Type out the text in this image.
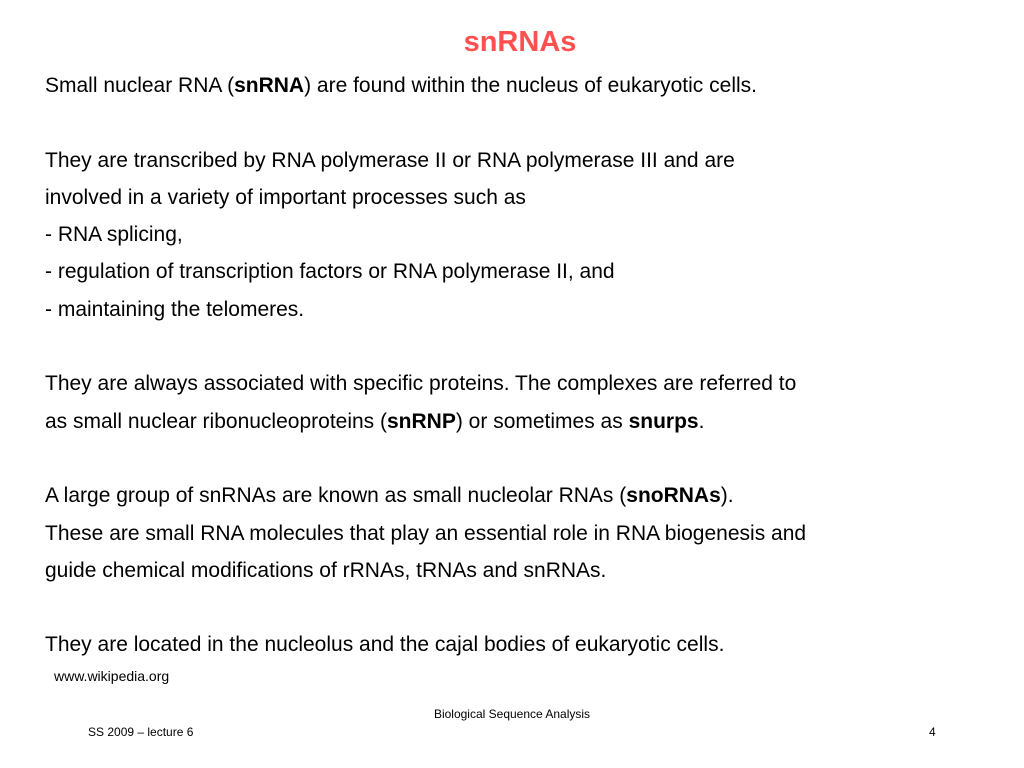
snRNAs
Small nuclear RNA (snRNA) are found within the nucleus of eukaryotic cells.
They are transcribed by RNA polymerase II or RNA polymerase III and are
involved in a variety of important processes such as
- RNA splicing,
- regulation of transcription factors or RNA polymerase II, and
- maintaining the telomeres.
They are always associated with specific proteins. The complexes are referred to
as small nuclear ribonucleoproteins (snRNP) or sometimes as snurps.
A large group of snRNAs are known as small nucleolar RNAs (snoRNAs).
These are small RNA molecules that play an essential role in RNA biogenesis and
guide chemical modifications of rRNAs, tRNAs and snRNAs.
They are located in the nucleolus and the cajal bodies of eukaryotic cells.
www.wikipedia.org
Biological Sequence Analysis
SS 2009 – lecture 6	4
